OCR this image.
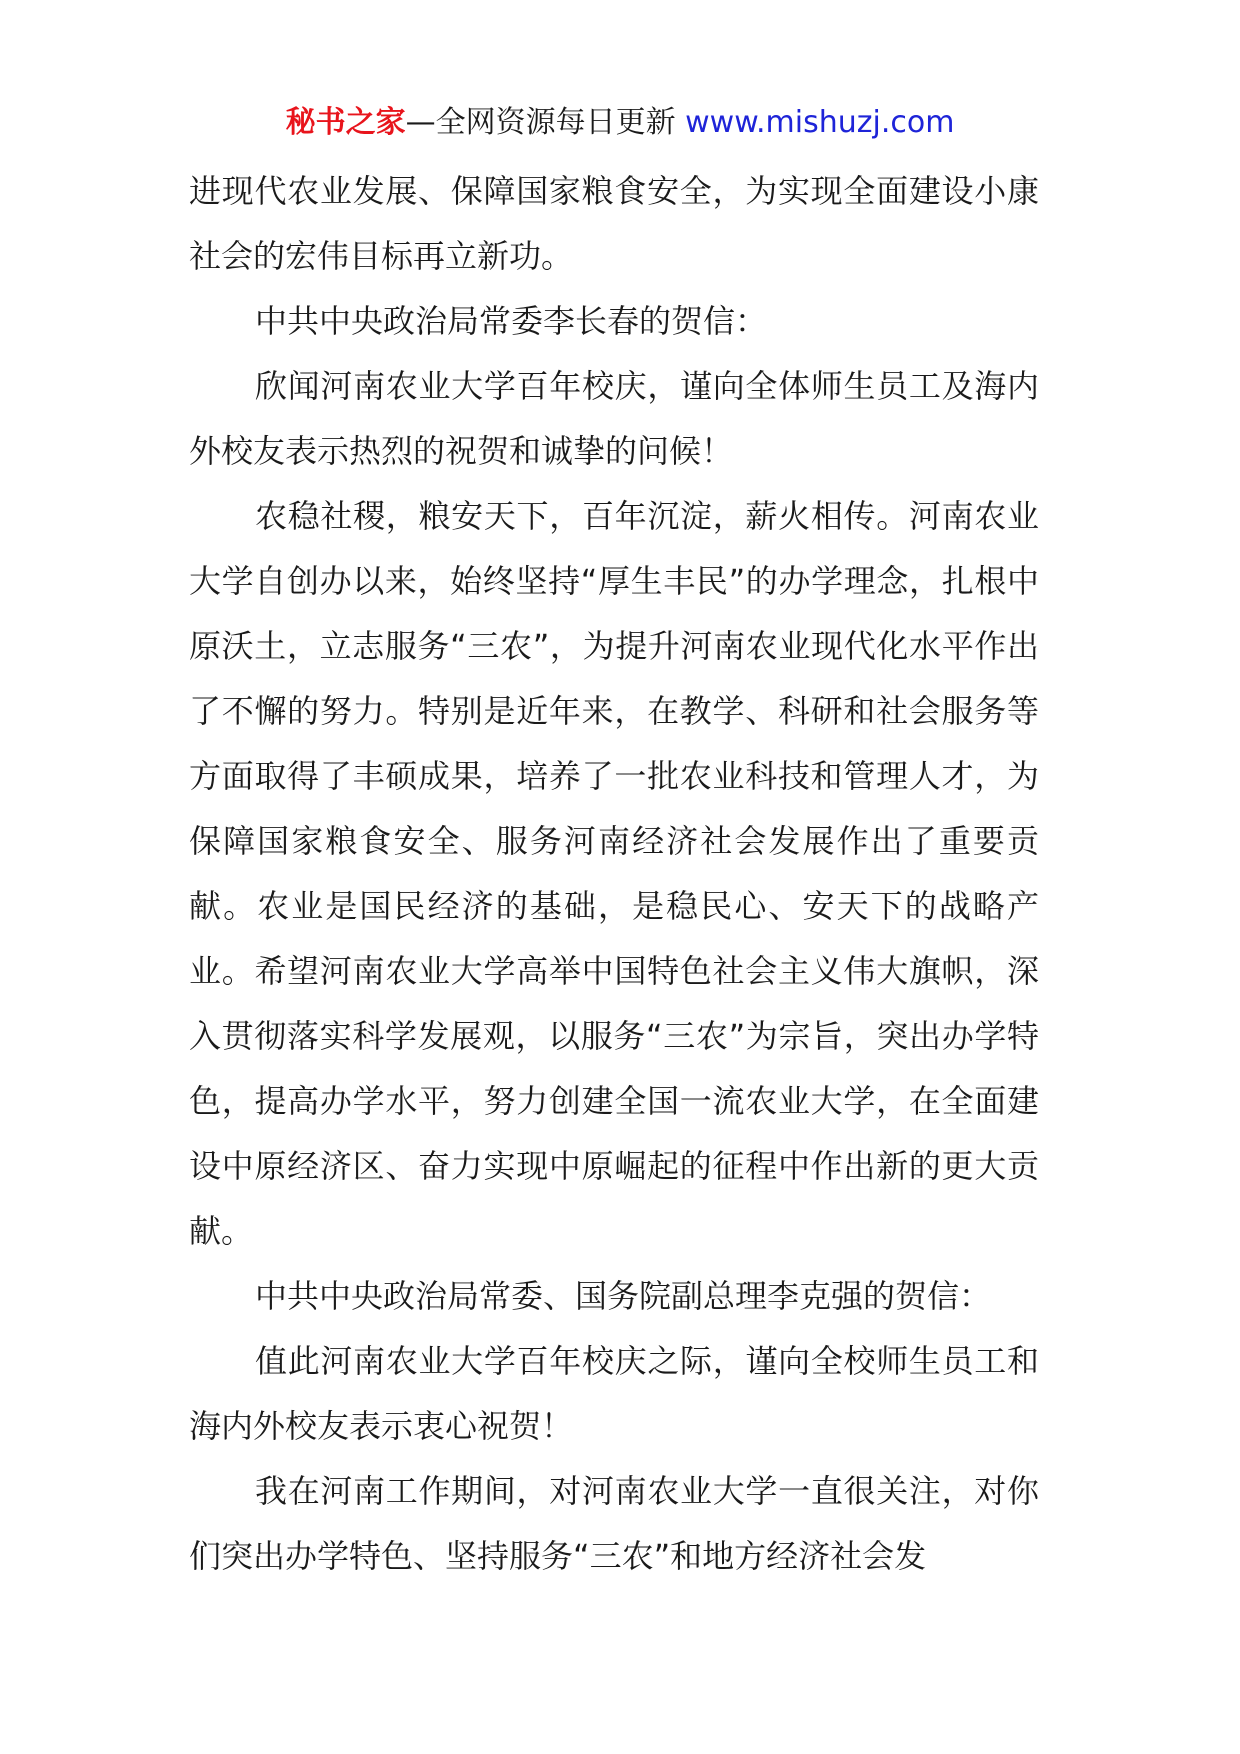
秘书之家—全网资源每日更新 www.mishuzj.com

进现代农业发展、保障国家粮食安全，为实现全面建设小康社会的宏伟目标再立新功。

中共中央政治局常委李长春的贺信：

欣闻河南农业大学百年校庆，谨向全体师生员工及海内外校友表示热烈的祝贺和诚挚的问候！

农稳社稷，粮安天下，百年沉淀，薪火相传。河南农业大学自创办以来，始终坚持“厚生丰民”的办学理念，扎根中原沃土，立志服务“三农”，为提升河南农业现代化水平作出了不懈的努力。特别是近年来，在教学、科研和社会服务等方面取得了丰硕成果，培养了一批农业科技和管理人才，为保障国家粮食安全、服务河南经济社会发展作出了重要贡献。农业是国民经济的基础，是稳民心、安天下的战略产业。希望河南农业大学高举中国特色社会主义伟大旗帜，深入贯彻落实科学发展观，以服务“三农”为宗旨，突出办学特色，提高办学水平，努力创建全国一流农业大学，在全面建设中原经济区、奋力实现中原崛起的征程中作出新的更大贡献。

中共中央政治局常委、国务院副总理李克强的贺信：

值此河南农业大学百年校庆之际，谨向全校师生员工和海内外校友表示衷心祝贺！

我在河南工作期间，对河南农业大学一直很关注，对你们突出办学特色、坚持服务“三农”和地方经济社会发
